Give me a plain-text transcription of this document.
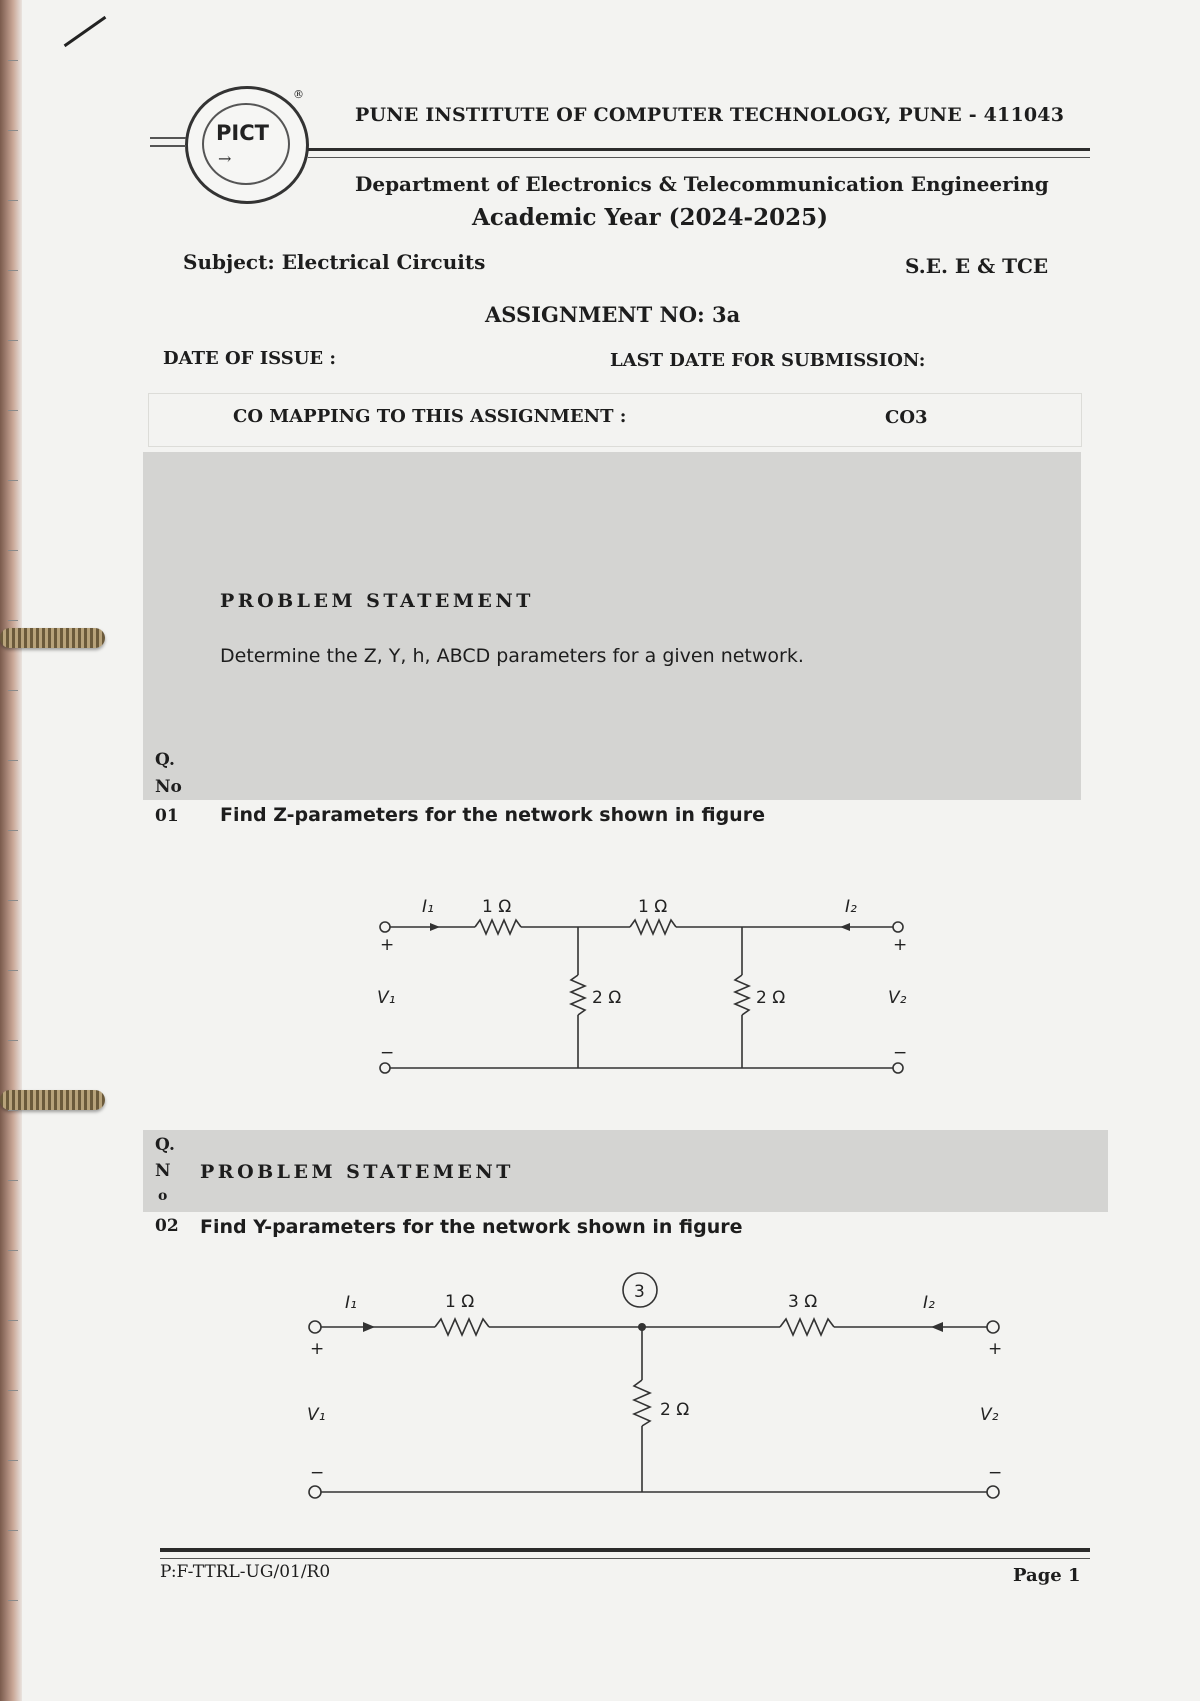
PICT
→
®
PUNE INSTITUTE OF COMPUTER TECHNOLOGY, PUNE - 411043
Department of Electronics & Telecommunication Engineering
Academic Year (2024-2025)
Subject: Electrical Circuits	S.E. E & TCE
ASSIGNMENT NO: 3a
DATE OF ISSUE :	LAST DATE FOR SUBMISSION:
CO MAPPING TO THIS ASSIGNMENT :	CO3
PROBLEM STATEMENT
Determine the Z, Y, h, ABCD parameters for a given network.
Q.
No
01 Find Z-parameters for the network shown in figure
I₁	I₂
1 Ω	1 Ω
2 Ω	2 Ω
V₁	V₂
+	+
−	−
Q.
N
o
02
PROBLEM STATEMENT
Find Y-parameters for the network shown in figure
I₁	I₂
1 Ω	3 Ω
2 Ω
3
V₁	V₂
+	+
−	−
P:F-TTRL-UG/01/R0	Page 1
